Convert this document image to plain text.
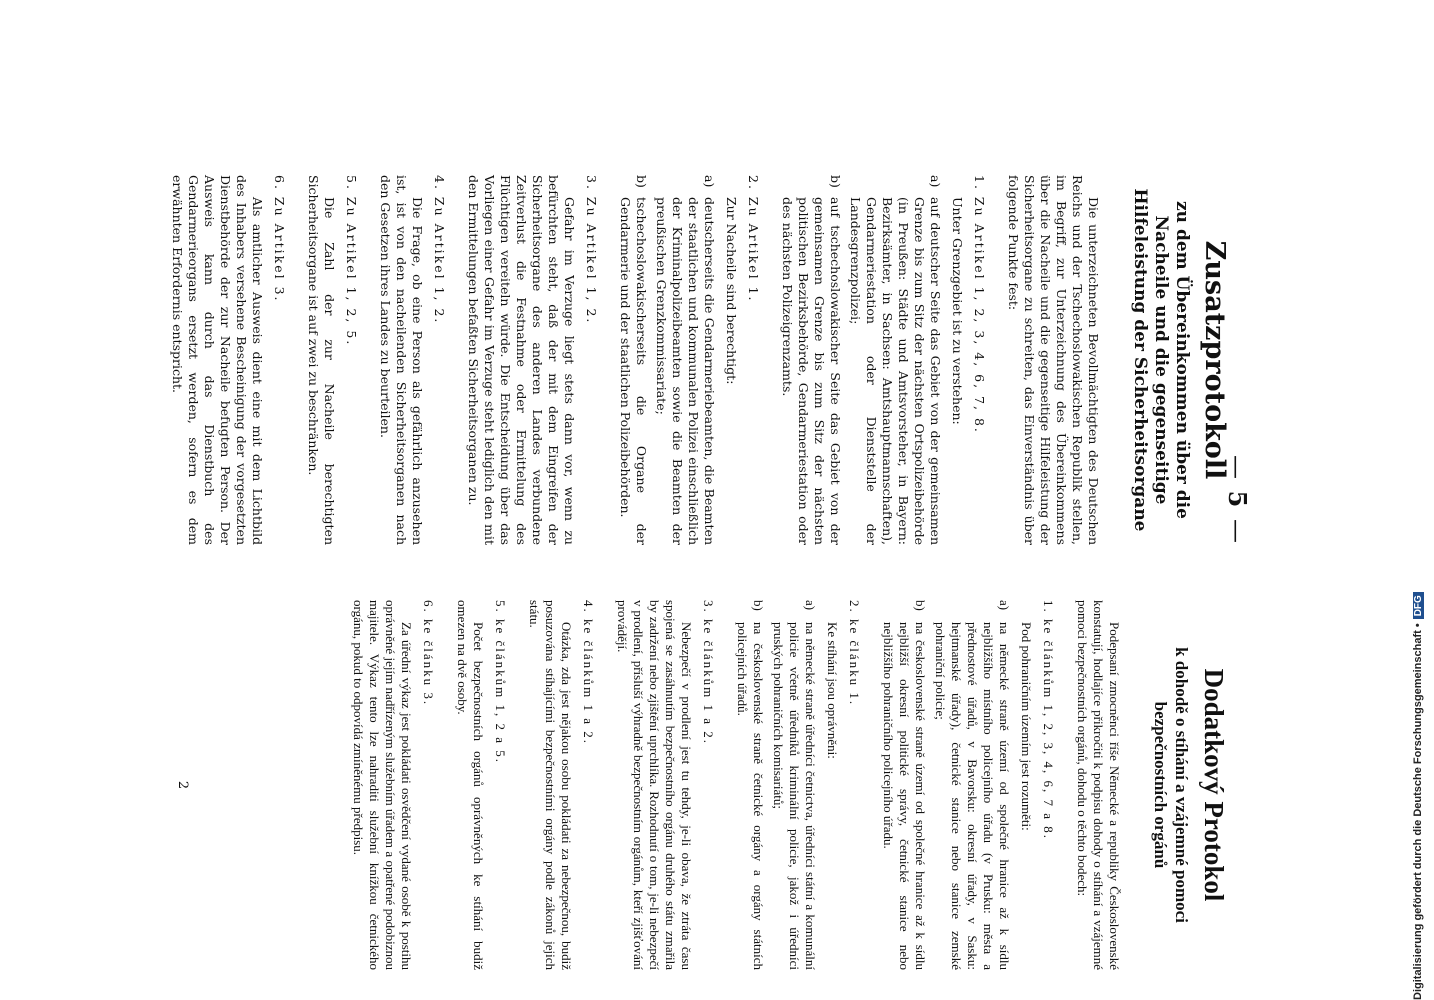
— 5 —
Zusatzprotokoll
zu dem Übereinkommen über die Nacheile und die gegenseitige Hilfeleistung der Sicherheitsorgane

Die unterzeichneten Bevollmächtigten des Deutschen Reichs und der Tschechoslowakischen Republik stellen, im Begriff, zur Unterzeichnung des Übereinkommens über die Nacheile und die gegenseitige Hilfeleistung der Sicherheitsorgane zu schreiten, das Einverständnis über folgende Punkte fest:

1. Zu Artikel 1, 2, 3, 4, 6, 7, 8.

Unter Grenzgebiet ist zu verstehen:

a)
auf deutscher Seite das Gebiet von der gemeinsamen Grenze bis zum Sitz der nächsten Ortspolizeibehörde (in Preußen: Städte und Amtsvorsteher, in Bayern: Bezirksämter, in Sachsen: Amtshauptmannschaften), Gendarmeriestation oder Dienststelle der Landesgrenzpolizei;
b)
auf tschechoslowakischer Seite das Gebiet von der gemeinsamen Grenze bis zum Sitz der nächsten politischen Bezirksbehörde, Gendarmeriestation oder des nächsten Polizeigrenzamts.

2. Zu Artikel 1.

Zur Nacheile sind berechtigt:

a)
deutscherseits die Gendarmeriebeamten, die Beamten der staatlichen und kommunalen Polizei einschließlich der Kriminalpolizeibeamten sowie die Beamten der preußischen Grenzkommissariate;
b)
tschechoslowakischerseits die Organe der Gendarmerie und der staatlichen Polizeibehörden.

3. Zu Artikel 1, 2.

Gefahr im Verzuge liegt stets dann vor, wenn zu befürchten steht, daß der mit dem Eingreifen der Sicherheitsorgane des anderen Landes verbundene Zeitverlust die Festnahme oder Ermittelung des Flüchtigen vereiteln würde. Die Entscheidung über das Vorliegen einer Gefahr im Verzuge steht lediglich den mit den Ermittelungen befaßten Sicherheitsorganen zu.

4. Zu Artikel 1, 2.

Die Frage, ob eine Person als gefährlich anzusehen ist, ist von den nacheilenden Sicherheitsorganen nach den Gesetzen ihres Landes zu beurteilen.

5. Zu Artikel 1, 2, 5.

Die Zahl der zur Nacheile berechtigten Sicherheitsorgane ist auf zwei zu beschränken.

6. Zu Artikel 3.

Als amtlicher Ausweis dient eine mit dem Lichtbild des Inhabers versehene Bescheinigung der vorgesetzten Dienstbehörde der zur Nacheile befugten Person. Der Ausweis kann durch das Dienstbuch des Gendarmerieorgans ersetzt werden, sofern es dem erwähnten Erfordernis entspricht.

Dodatkový Protokol
k dohodě o stíhání a vzájemné pomoci bezpečnostních orgánů

Podepsaní zmocněnci říše Německé a republiky Československé konstatují, hodlajíce přikročiti k podpisu dohody o stíhání a vzájemné pomoci bezpečnostních orgánů, dohodu o těchto bodech:

1. ke článkům 1, 2, 3, 4, 6, 7 a 8.

Pod pohraničním územím jest rozuměti:

a)
na německé straně území od společné hranice až k sídlu nejbližšího místního policejního úřadu (v Prusku: města a přednostové úřadů, v Bavorsku: okresní úřady, v Sasku: hejtmanské úřady), četnické stanice nebo stanice zemské pohraniční policie;
b)
na československé straně území od společné hranice až k sídlu nejbližší okresní politické správy, četnické stanice nebo nejbližšího pohraničního policejního úřadu.

2. ke článku 1.

Ke stíhání jsou oprávněni:

a)
na německé straně úředníci četnictva, úředníci státní a komunální policie včetně úředníků kriminální policie, jakož i úředníci pruských pohraničních komisariátů;
b)
na československé straně četnické orgány a orgány státních policejních úřadů.

3. ke článkům 1 a 2.

Nebezpečí v prodlení jest tu tehdy, je-li obava, že ztráta času spojená se zasáhnutím bezpečnostního orgánu druhého státu zmařila by zadržení nebo zjištění uprchlíka. Rozhodnutí o tom, je-li nebezpečí v prodlení, přísluší výhradně bezpečnostním orgánům, kteří zjišťování provádějí.

4. ke článkům 1 a 2.

Otázka, zda jest nějakou osobu pokládati za nebezpečnou, budiž posuzována stíhajícími bezpečnostními orgány podle zákonů jejich státu.

5. ke článkům 1, 2 a 5.

Počet bezpečnostních orgánů oprávněných ke stíhání budiž omezen na dvě osoby.

6. ke článku 3.

Za úřední výkaz jest pokládati osvědčení vydané osobě k postihu oprávněné jejím nadřízeným služebním úřadem a opatřené podobiznou majitele. Výkaz tento lze nahraditi služební knížkou četnického orgánu, pokud to odpovídá zmíněnému předpisu.

2	Digitalisierung gefördert durch die Deutsche Forschungsgemeinschaft •
DFG
